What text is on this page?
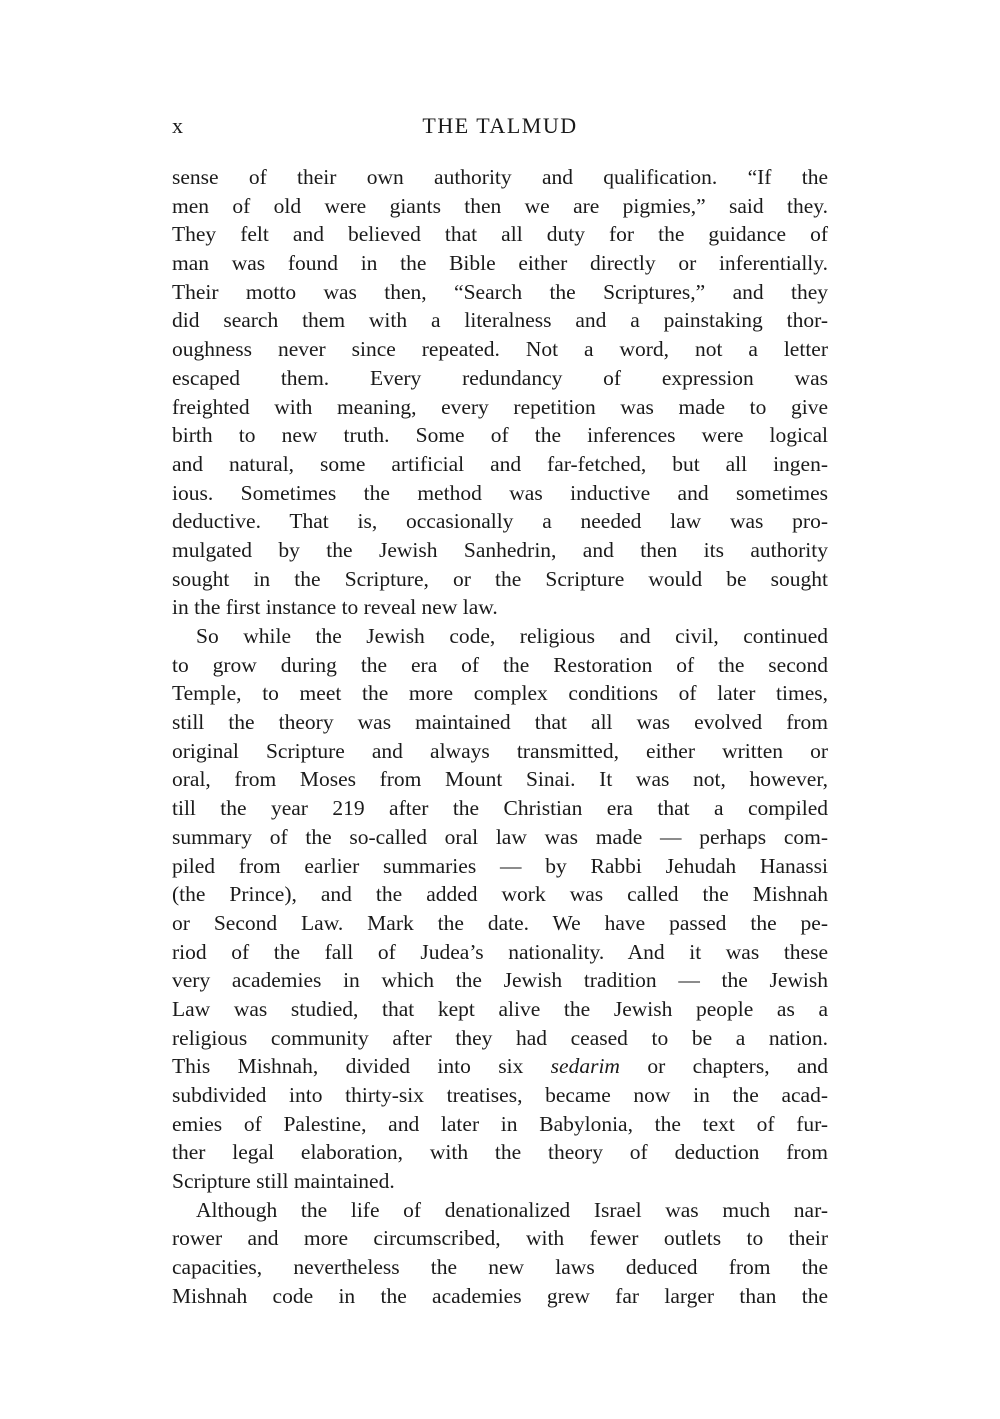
x	THE TALMUD
sense of their own authority and qualification. “If the
men of old were giants then we are pigmies,” said they.
They felt and believed that all duty for the guidance of
man was found in the Bible either directly or inferentially.
Their motto was then, “Search the Scriptures,” and they
did search them with a literalness and a painstaking thor-
oughness never since repeated. Not a word, not a letter
escaped them. Every redundancy of expression was
freighted with meaning, every repetition was made to give
birth to new truth. Some of the inferences were logical
and natural, some artificial and far-fetched, but all ingen-
ious. Sometimes the method was inductive and sometimes
deductive. That is, occasionally a needed law was pro-
mulgated by the Jewish Sanhedrin, and then its authority
sought in the Scripture, or the Scripture would be sought
in the first instance to reveal new law.
So while the Jewish code, religious and civil, continued
to grow during the era of the Restoration of the second
Temple, to meet the more complex conditions of later times,
still the theory was maintained that all was evolved from
original Scripture and always transmitted, either written or
oral, from Moses from Mount Sinai. It was not, however,
till the year 219 after the Christian era that a compiled
summary of the so-called oral law was made — perhaps com-
piled from earlier summaries — by Rabbi Jehudah Hanassi
(the Prince), and the added work was called the Mishnah
or Second Law. Mark the date. We have passed the pe-
riod of the fall of Judea’s nationality. And it was these
very academies in which the Jewish tradition — the Jewish
Law was studied, that kept alive the Jewish people as a
religious community after they had ceased to be a nation.
This Mishnah, divided into six sedarim or chapters, and
subdivided into thirty-six treatises, became now in the acad-
emies of Palestine, and later in Babylonia, the text of fur-
ther legal elaboration, with the theory of deduction from
Scripture still maintained.
Although the life of denationalized Israel was much nar-
rower and more circumscribed, with fewer outlets to their
capacities, nevertheless the new laws deduced from the
Mishnah code in the academies grew far larger than the
